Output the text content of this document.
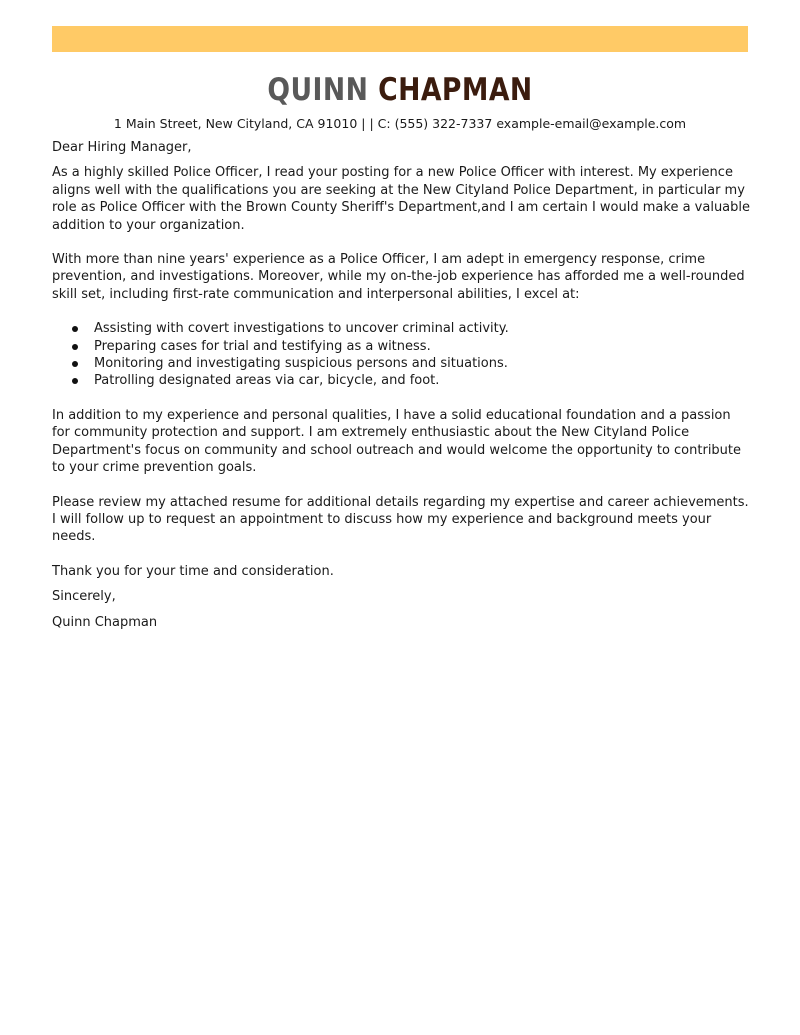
QUINN CHAPMAN
1 Main Street, New Cityland, CA 91010 | | C: (555) 322-7337 example-email@example.com

Dear Hiring Manager,

As a highly skilled Police Officer, I read your posting for a new Police Officer with interest. My experience aligns well with the qualifications you are seeking at the New Cityland Police Department, in particular my role as Police Officer with the Brown County Sheriff's Department,and I am certain I would make a valuable addition to your organization.

With more than nine years' experience as a Police Officer, I am adept in emergency response, crime prevention, and investigations. Moreover, while my on-the-job experience has afforded me a well-rounded skill set, including first-rate communication and interpersonal abilities, I excel at:

Assisting with covert investigations to uncover criminal activity.
Preparing cases for trial and testifying as a witness.
Monitoring and investigating suspicious persons and situations.
Patrolling designated areas via car, bicycle, and foot.

In addition to my experience and personal qualities, I have a solid educational foundation and a passion for community protection and support. I am extremely enthusiastic about the New Cityland Police Department's focus on community and school outreach and would welcome the opportunity to contribute to your crime prevention goals.

Please review my attached resume for additional details regarding my expertise and career achievements. I will follow up to request an appointment to discuss how my experience and background meets your needs.

Thank you for your time and consideration.

Sincerely,

Quinn Chapman
